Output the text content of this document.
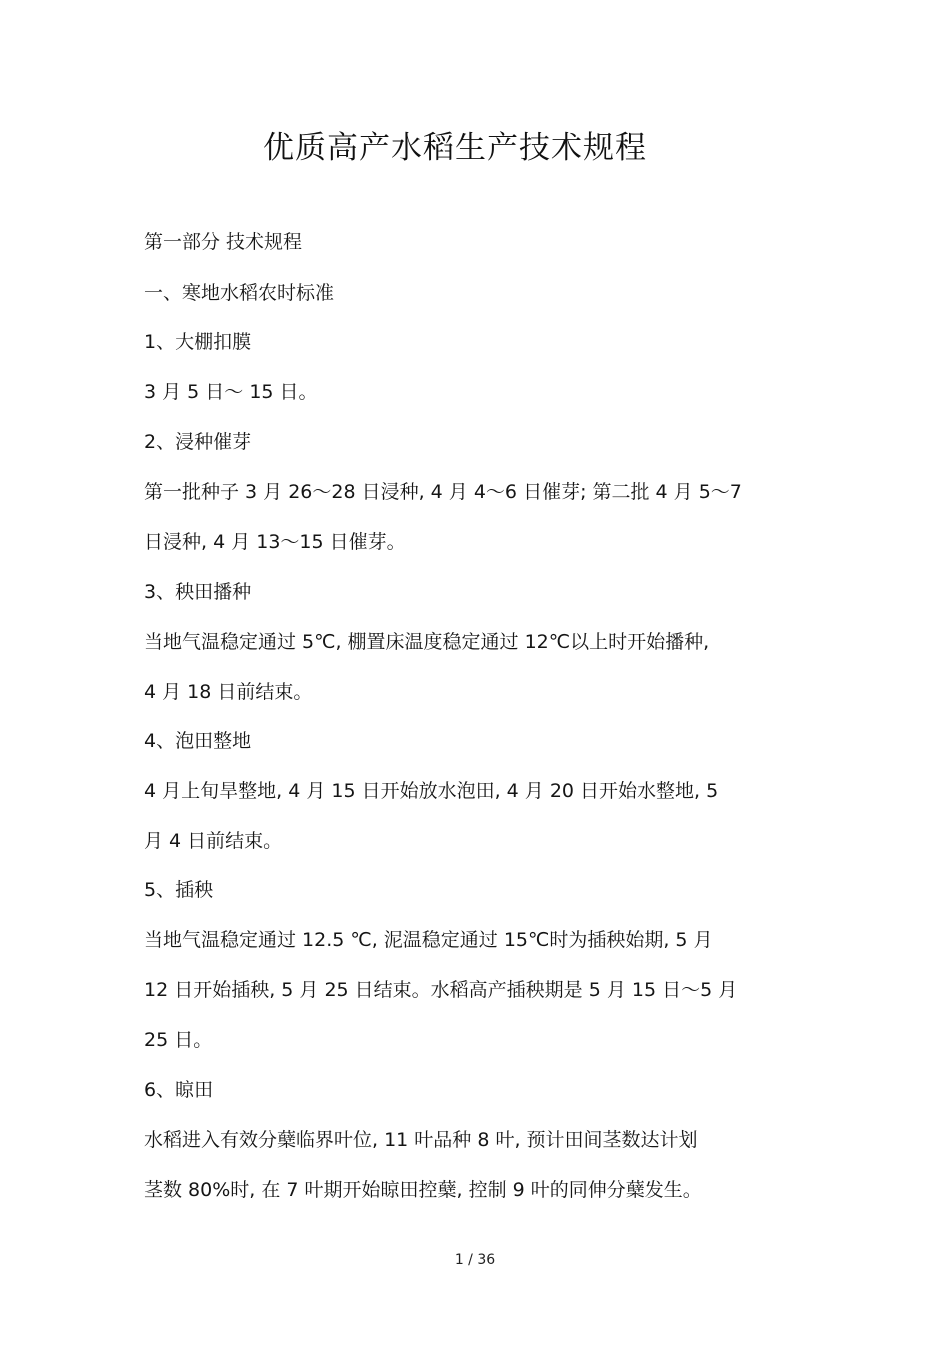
优质高产水稻生产技术规程
第一部分 技术规程
一、寒地水稻农时标准
1、大棚扣膜
3 月 5 日～ 15 日。
2、浸种催芽
第一批种子 3 月 26～28 日浸种, 4 月 4～6 日催芽; 第二批 4 月 5～7
日浸种, 4 月 13～15 日催芽。
3、秧田播种
当地气温稳定通过 5℃, 棚置床温度稳定通过 12℃以上时开始播种,
4 月 18 日前结束。
4、泡田整地
4 月上旬旱整地, 4 月 15 日开始放水泡田, 4 月 20 日开始水整地, 5
月 4 日前结束。
5、插秧
当地气温稳定通过 12.5 ℃, 泥温稳定通过 15℃时为插秧始期, 5 月
12 日开始插秧, 5 月 25 日结束。水稻高产插秧期是 5 月 15 日～5 月
25 日。
6、晾田
水稻进入有效分蘖临界叶位, 11 叶品种 8 叶, 预计田间茎数达计划
茎数 80%时, 在 7 叶期开始晾田控蘖, 控制 9 叶的同伸分蘖发生。
1 / 36
